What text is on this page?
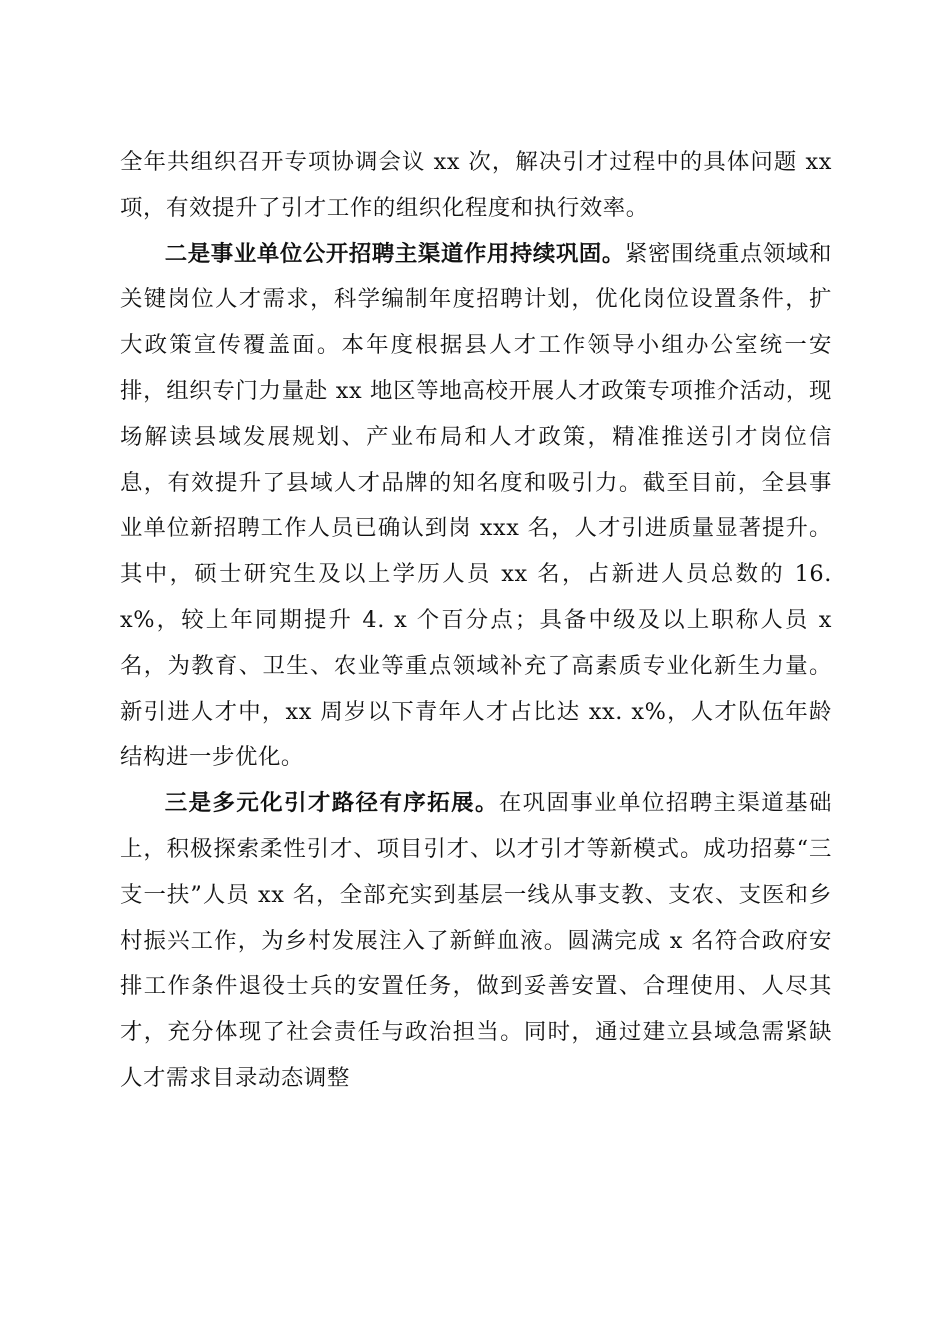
全年共组织召开专项协调会议 xx 次，解决引才过程中的具体问题 xx 项，有效提升了引才工作的组织化程度和执行效率。

二是事业单位公开招聘主渠道作用持续巩固。紧密围绕重点领域和关键岗位人才需求，科学编制年度招聘计划，优化岗位设置条件，扩大政策宣传覆盖面。本年度根据县人才工作领导小组办公室统一安排，组织专门力量赴 xx 地区等地高校开展人才政策专项推介活动，现场解读县域发展规划、产业布局和人才政策，精准推送引才岗位信息，有效提升了县域人才品牌的知名度和吸引力。截至目前，全县事业单位新招聘工作人员已确认到岗 xxx 名，人才引进质量显著提升。其中，硕士研究生及以上学历人员 xx 名，占新进人员总数的 16. x%，较上年同期提升 4. x 个百分点；具备中级及以上职称人员 x 名，为教育、卫生、农业等重点领域补充了高素质专业化新生力量。新引进人才中，xx 周岁以下青年人才占比达 xx. x%，人才队伍年龄结构进一步优化。

三是多元化引才路径有序拓展。在巩固事业单位招聘主渠道基础上，积极探索柔性引才、项目引才、以才引才等新模式。成功招募“三支一扶”人员 xx 名，全部充实到基层一线从事支教、支农、支医和乡村振兴工作，为乡村发展注入了新鲜血液。圆满完成 x 名符合政府安排工作条件退役士兵的安置任务，做到妥善安置、合理使用、人尽其才，充分体现了社会责任与政治担当。同时，通过建立县域急需紧缺人才需求目录动态调整
